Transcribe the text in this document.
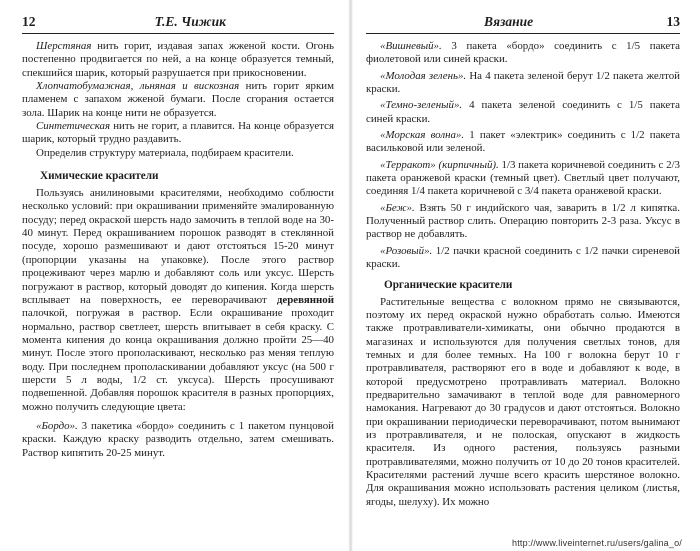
12	Т.Е. Чижик

Шерстяная нить горит, издавая запах жженой кости. Огонь постепенно продвигается по ней, а на конце образуется темный, спекшийся шарик, который разрушается при прикосновении.

Хлопчатобумажная, льняная и вискозная нить горит ярким пламенем с запахом жженой бумаги. После сгорания остается зола. Шарик на конце нити не образуется.

Синтетическая нить не горит, а плавится. На конце образуется шарик, который трудно раздавить.

Определив структуру материала, подбираем красители.

Химические красители

Пользуясь анилиновыми красителями, необходимо соблюсти несколько условий: при окрашивании применяйте эмалированную посуду; перед окраской шерсть надо замочить в теплой воде на 30-40 минут. Перед окрашиванием порошок разводят в стеклянной посуде, хорошо размешивают и дают отстояться 15-20 минут (пропорции указаны на упаковке). После этого раствор процеживают через марлю и добавляют соль или уксус. Шерсть погружают в раствор, который доводят до кипения. Когда шерсть всплывает на поверхность, ее переворачивают деревянной палочкой, погружая в раствор. Если окрашивание проходит нормально, раствор светлеет, шерсть впитывает в себя краску. С момента кипения до конца окрашивания должно пройти 25—40 минут. После этого прополаскивают, несколько раз меняя теплую воду. При последнем прополаскивании добавляют уксус (на 500 г шерсти 5 л воды, 1/2 ст. уксуса). Шерсть просушивают подвешенной. Добавляя порошок красителя в разных пропорциях, можно получить следующие цвета:

«Бордо». 3 пакетика «бордо» соединить с 1 пакетом пунцовой краски. Каждую краску разводить отдельно, затем смешивать. Раствор кипятить 20-25 минут.

Вязание	13

«Вишневый». 3 пакета «бордо» соединить с 1/5 пакета фиолетовой или синей краски.

«Молодая зелень». На 4 пакета зеленой берут 1/2 пакета желтой краски.

«Темно-зеленый». 4 пакета зеленой соединить с 1/5 пакета синей краски.

«Морская волна». 1 пакет «электрик» соединить с 1/2 пакета васильковой или зеленой.

«Терракот» (кирпичный). 1/3 пакета коричневой соединить с 2/3 пакета оранжевой краски (темный цвет). Светлый цвет получают, соединяя 1/4 пакета коричневой с 3/4 пакета оранжевой краски.

«Беж». Взять 50 г индийского чая, заварить в 1/2 л кипятка. Полученный раствор слить. Операцию повторить 2-3 раза. Уксус в раствор не добавлять.

«Розовый». 1/2 пачки красной соединить с 1/2 пачки сиреневой краски.

Органические красители

Растительные вещества с волокном прямо не связываются, поэтому их перед окраской нужно обработать солью. Имеются также протравливатели-химикаты, они обычно продаются в магазинах и используются для получения светлых тонов, для темных и для более темных. На 100 г волокна берут 10 г протравливателя, растворяют его в воде и добавляют к воде, в которой предусмотрено протравливать материал. Волокно предварительно замачивают в теплой воде для равномерного намокания. Нагревают до 30 градусов и дают отстояться. Волокно при окрашивании периодически переворачивают, потом вынимают из протравливателя, и не полоская, опускают в жидкость красителя. Из одного растения, пользуясь разными протравливателями, можно получить от 10 до 20 тонов красителей. Красителями растений лучше всего красить шерстяное волокно. Для окрашивания можно использовать растения целиком (листья, ягоды, шелуху). Их можно

http://www.liveinternet.ru/users/galina_o/
